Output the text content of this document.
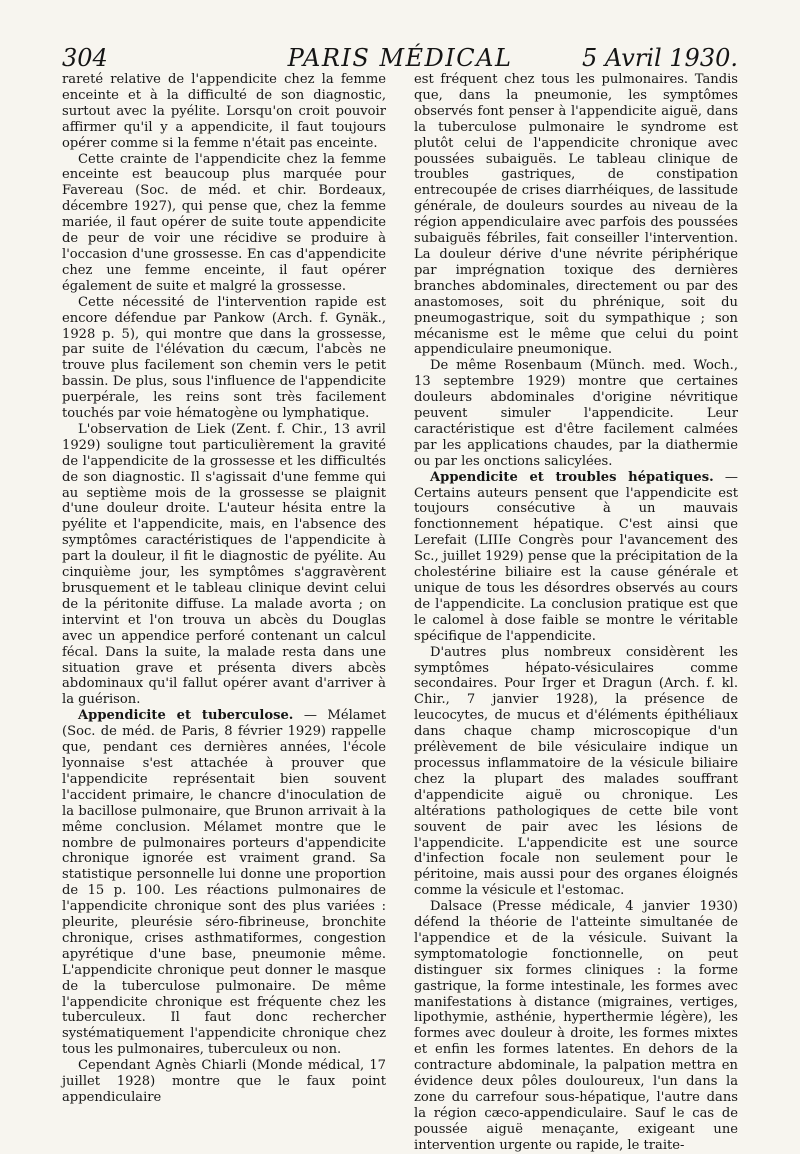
304	PARIS MÉDICAL	5 Avril 1930.

rareté relative de l'appendicite chez la femme enceinte et à la difficulté de son diagnostic, surtout avec la pyélite. Lorsqu'on croit pouvoir affirmer qu'il y a appendicite, il faut toujours opérer comme si la femme n'était pas enceinte.

Cette crainte de l'appendicite chez la femme enceinte est beaucoup plus marquée pour Favereau (Soc. de méd. et chir. Bordeaux, décembre 1927), qui pense que, chez la femme mariée, il faut opérer de suite toute appendicite de peur de voir une récidive se produire à l'occasion d'une grossesse. En cas d'appendicite chez une femme enceinte, il faut opérer également de suite et malgré la grossesse.

Cette nécessité de l'intervention rapide est encore défendue par Pankow (Arch. f. Gynäk., 1928 p. 5), qui montre que dans la grossesse, par suite de l'élévation du cæcum, l'abcès ne trouve plus facilement son chemin vers le petit bassin. De plus, sous l'influence de l'appendicite puerpérale, les reins sont très facilement touchés par voie hématogène ou lymphatique.

L'observation de Liek (Zent. f. Chir., 13 avril 1929) souligne tout particulièrement la gravité de l'appendicite de la grossesse et les difficultés de son diagnostic. Il s'agissait d'une femme qui au septième mois de la grossesse se plaignit d'une douleur droite. L'auteur hésita entre la pyélite et l'appendicite, mais, en l'absence des symptômes caractéristiques de l'appendicite à part la douleur, il fit le diagnostic de pyélite. Au cinquième jour, les symptômes s'aggravèrent brusquement et le tableau clinique devint celui de la péritonite diffuse. La malade avorta ; on intervint et l'on trouva un abcès du Douglas avec un appendice perforé contenant un calcul fécal. Dans la suite, la malade resta dans une situation grave et présenta divers abcès abdominaux qu'il fallut opérer avant d'arriver à la guérison.

Appendicite et tuberculose. — Mélamet (Soc. de méd. de Paris, 8 février 1929) rappelle que, pendant ces dernières années, l'école lyonnaise s'est attachée à prouver que l'appendicite représentait bien souvent l'accident primaire, le chancre d'inoculation de la bacillose pulmonaire, que Brunon arrivait à la même conclusion. Mélamet montre que le nombre de pulmonaires porteurs d'appendicite chronique ignorée est vraiment grand. Sa statistique personnelle lui donne une proportion de 15 p. 100. Les réactions pulmonaires de l'appendicite chronique sont des plus variées : pleurite, pleurésie séro-fibrineuse, bronchite chronique, crises asthmatiformes, congestion apyrétique d'une base, pneumonie même. L'appendicite chronique peut donner le masque de la tuberculose pulmonaire. De même l'appendicite chronique est fréquente chez les tuberculeux. Il faut donc rechercher systématiquement l'appendicite chronique chez tous les pulmonaires, tuberculeux ou non.

Cependant Agnès Chiarli (Monde médical, 17 juillet 1928) montre que le faux point appendiculaire

est fréquent chez tous les pulmonaires. Tandis que, dans la pneumonie, les symptômes observés font penser à l'appendicite aiguë, dans la tuberculose pulmonaire le syndrome est plutôt celui de l'appendicite chronique avec poussées subaiguës. Le tableau clinique de troubles gastriques, de constipation entrecoupée de crises diarrhéiques, de lassitude générale, de douleurs sourdes au niveau de la région appendiculaire avec parfois des poussées subaiguës fébriles, fait conseiller l'intervention. La douleur dérive d'une névrite périphérique par imprégnation toxique des dernières branches abdominales, directement ou par des anastomoses, soit du phrénique, soit du pneumogastrique, soit du sympathique ; son mécanisme est le même que celui du point appendiculaire pneumonique.

De même Rosenbaum (Münch. med. Woch., 13 septembre 1929) montre que certaines douleurs abdominales d'origine névritique peuvent simuler l'appendicite. Leur caractéristique est d'être facilement calmées par les applications chaudes, par la diathermie ou par les onctions salicylées.

Appendicite et troubles hépatiques. — Certains auteurs pensent que l'appendicite est toujours consécutive à un mauvais fonctionnement hépatique. C'est ainsi que Lerefait (LIIIe Congrès pour l'avancement des Sc., juillet 1929) pense que la précipitation de la cholestérine biliaire est la cause générale et unique de tous les désordres observés au cours de l'appendicite. La conclusion pratique est que le calomel à dose faible se montre le véritable spécifique de l'appendicite.

D'autres plus nombreux considèrent les symptômes hépato-vésiculaires comme secondaires. Pour Irger et Dragun (Arch. f. kl. Chir., 7 janvier 1928), la présence de leucocytes, de mucus et d'éléments épithéliaux dans chaque champ microscopique d'un prélèvement de bile vésiculaire indique un processus inflammatoire de la vésicule biliaire chez la plupart des malades souffrant d'appendicite aiguë ou chronique. Les altérations pathologiques de cette bile vont souvent de pair avec les lésions de l'appendicite. L'appendicite est une source d'infection focale non seulement pour le péritoine, mais aussi pour des organes éloignés comme la vésicule et l'estomac.

Dalsace (Presse médicale, 4 janvier 1930) défend la théorie de l'atteinte simultanée de l'appendice et de la vésicule. Suivant la symptomatologie fonctionnelle, on peut distinguer six formes cliniques : la forme gastrique, la forme intestinale, les formes avec manifestations à distance (migraines, vertiges, lipothymie, asthénie, hyperthermie légère), les formes avec douleur à droite, les formes mixtes et enfin les formes latentes. En dehors de la contracture abdominale, la palpation mettra en évidence deux pôles douloureux, l'un dans la zone du carrefour sous-hépatique, l'autre dans la région cæco-appendiculaire. Sauf le cas de poussée aiguë menaçante, exigeant une intervention urgente ou rapide, le traite-
